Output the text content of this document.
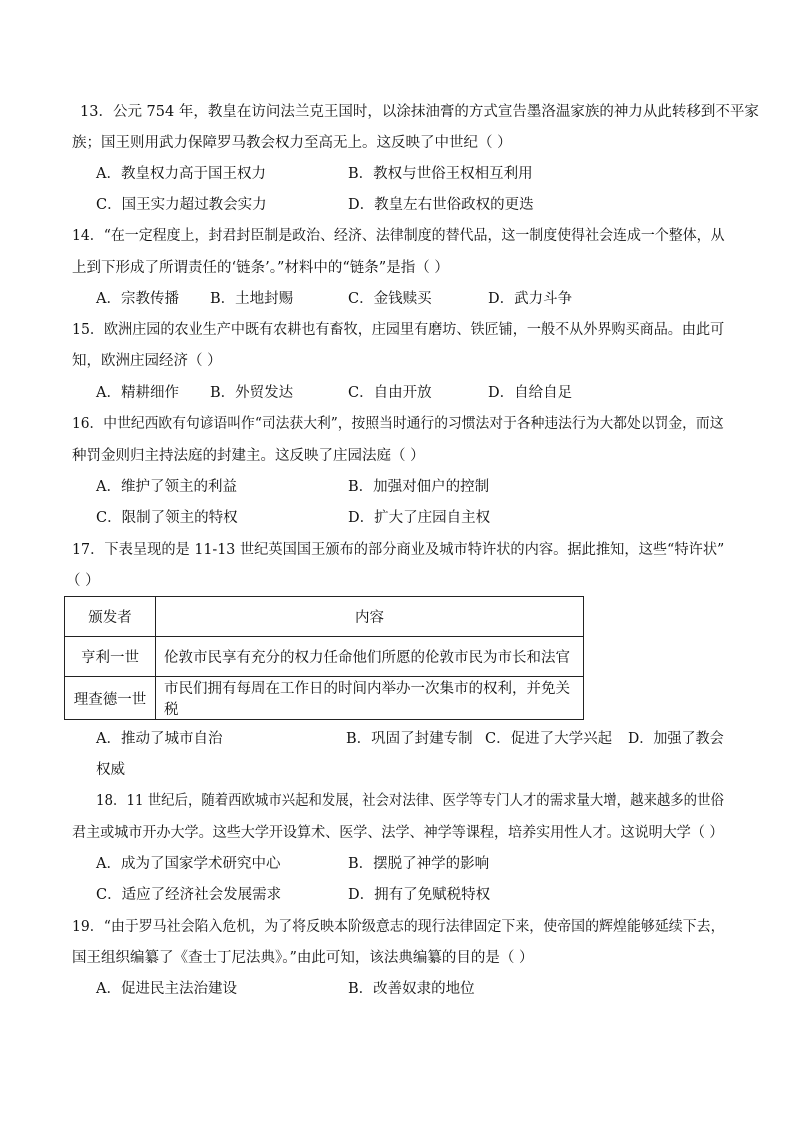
13．公元 754 年，教皇在访问法兰克王国时，以涂抹油膏的方式宣告墨洛温家族的神力从此转移到不平家
族；国王则用武力保障罗马教会权力至高无上。这反映了中世纪（ ）
A．教皇权力高于国王权力	B．教权与世俗王权相互利用
C．国王实力超过教会实力	D．教皇左右世俗政权的更迭
14．“在一定程度上，封君封臣制是政治、经济、法律制度的替代品，这一制度使得社会连成一个整体，从
上到下形成了所谓责任的‘链条’。”材料中的“链条”是指（ ）
A．宗教传播 B．土地封赐	C．金钱赎买	D．武力斗争
15．欧洲庄园的农业生产中既有农耕也有畜牧，庄园里有磨坊、铁匠铺，一般不从外界购买商品。由此可
知，欧洲庄园经济（ ）
A．精耕细作 B．外贸发达	C．自由开放	D．自给自足
16．中世纪西欧有句谚语叫作“司法获大利”，按照当时通行的习惯法对于各种违法行为大都处以罚金，而这
种罚金则归主持法庭的封建主。这反映了庄园法庭（ ）
A．维护了领主的利益	B．加强对佃户的控制
C．限制了领主的特权	D．扩大了庄园自主权
17．下表呈现的是 11-13 世纪英国国王颁布的部分商业及城市特许状的内容。据此推知，这些“特许状”
（ ）
颁发者	内容
亨利一世	伦敦市民享有充分的权力任命他们所愿的伦敦市民为市长和法官
理查德一世	市民们拥有每周在工作日的时间内举办一次集市的权利，并免关税
A．推动了城市自治	B．巩固了封建专制 C．促进了大学兴起 D．加强了教会
权威
18．11 世纪后，随着西欧城市兴起和发展，社会对法律、医学等专门人才的需求量大增，越来越多的世俗
君主或城市开办大学。这些大学开设算术、医学、法学、神学等课程，培养实用性人才。这说明大学（ ）
A．成为了国家学术研究中心	B．摆脱了神学的影响
C．适应了经济社会发展需求	D．拥有了免赋税特权
19．“由于罗马社会陷入危机，为了将反映本阶级意志的现行法律固定下来，使帝国的辉煌能够延续下去，
国王组织编纂了《查士丁尼法典》。”由此可知，该法典编纂的目的是（ ）
A．促进民主法治建设	B．改善奴隶的地位
